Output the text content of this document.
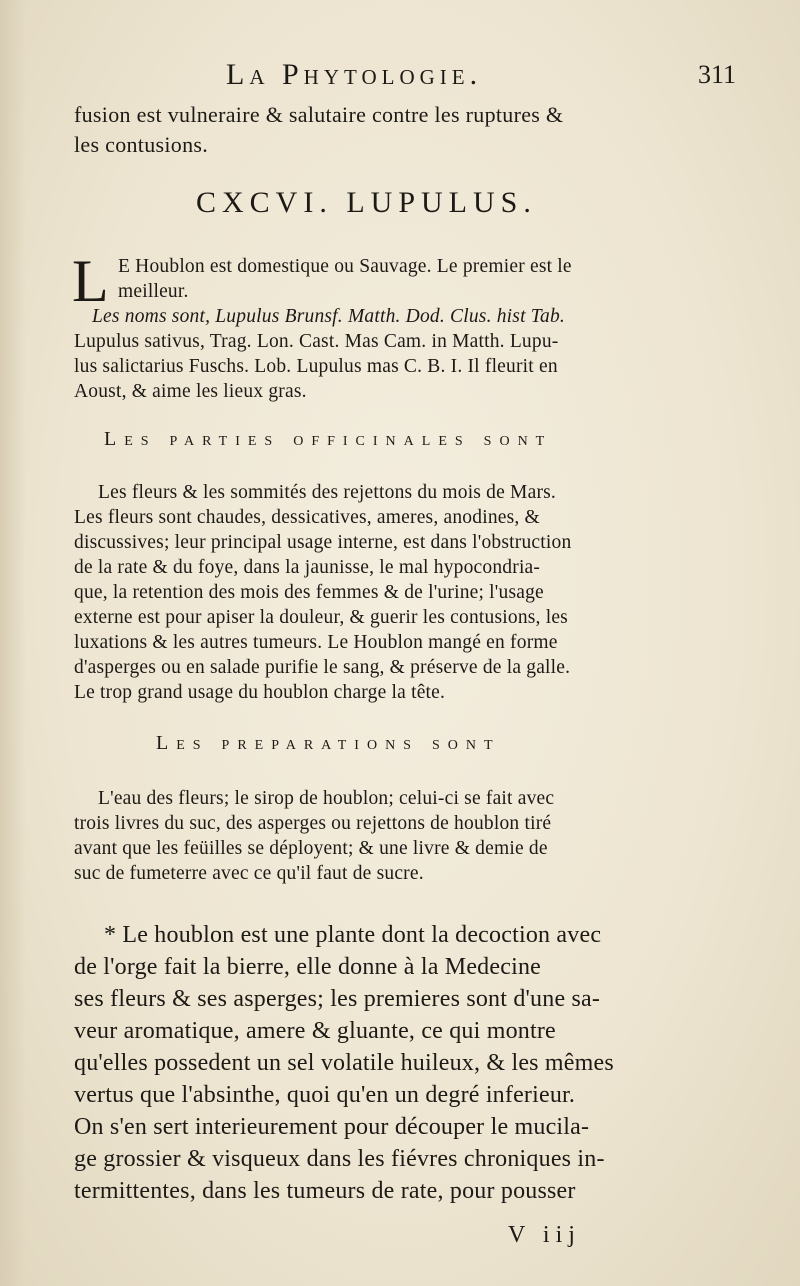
La Phytologie.	311
fusion est vulneraire & salutaire contre les ruptures &
les contusions.
CXCVI. LUPULUS.
L E Houblon est domestique ou Sauvage. Le premier est le
meilleur.
Les noms sont, Lupulus Brunsf. Matth. Dod. Clus. hist Tab.
Lupulus sativus, Trag. Lon. Cast. Mas Cam. in Matth. Lupu-
lus salictarius Fuschs. Lob. Lupulus mas C. B. I. Il fleurit en
Aoust, & aime les lieux gras.
Les parties officinales sont
Les fleurs & les sommités des rejettons du mois de Mars.
Les fleurs sont chaudes, dessicatives, ameres, anodines, &
discussives; leur principal usage interne, est dans l'obstruction
de la rate & du foye, dans la jaunisse, le mal hypocondria-
que, la retention des mois des femmes & de l'urine; l'usage
externe est pour apiser la douleur, & guerir les contusions, les
luxations & les autres tumeurs. Le Houblon mangé en forme
d'asperges ou en salade purifie le sang, & préserve de la galle.
Le trop grand usage du houblon charge la tête.
Les preparations sont
L'eau des fleurs; le sirop de houblon; celui-ci se fait avec
trois livres du suc, des asperges ou rejettons de houblon tiré
avant que les feüilles se déployent; & une livre & demie de
suc de fumeterre avec ce qu'il faut de sucre.
* Le houblon est une plante dont la decoction avec
de l'orge fait la bierre, elle donne à la Medecine
ses fleurs & ses asperges; les premieres sont d'une sa-
veur aromatique, amere & gluante, ce qui montre
qu'elles possedent un sel volatile huileux, & les mêmes
vertus que l'absinthe, quoi qu'en un degré inferieur.
On s'en sert interieurement pour découper le mucila-
ge grossier & visqueux dans les fiévres chroniques in-
termittentes, dans les tumeurs de rate, pour pousser
V iij
